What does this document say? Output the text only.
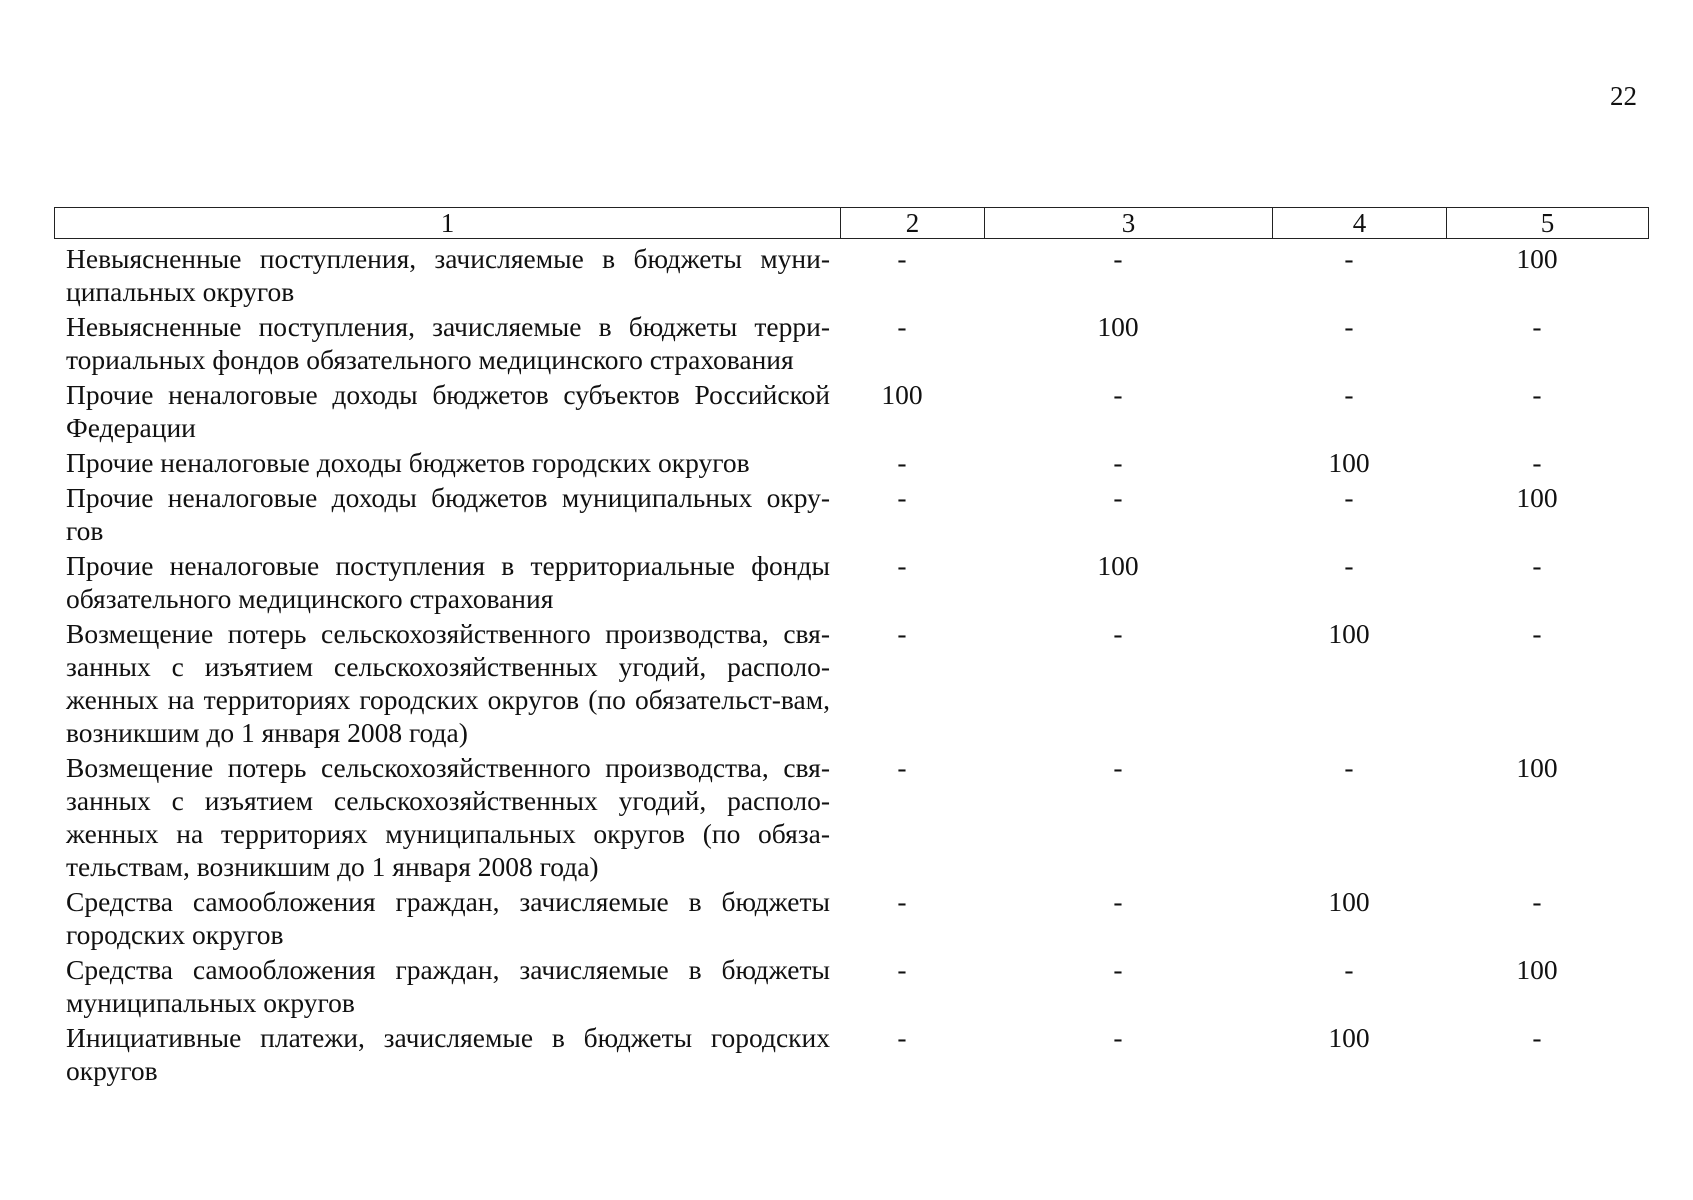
22
1	2	3	4	5
Невыясненные поступления, зачисляемые в бюджеты муни-ципальных округов
-	-	-	100
Невыясненные поступления, зачисляемые в бюджеты терри-ториальных фондов обязательного медицинского страхования
-	100	-	-
Прочие неналоговые доходы бюджетов субъектов Российской Федерации
100	-	-	-
Прочие неналоговые доходы бюджетов городских округов	-	-	100	-
Прочие неналоговые доходы бюджетов муниципальных окру-гов
-	-	-	100
Прочие неналоговые поступления в территориальные фонды обязательного медицинского страхования
-	100	-	-
Возмещение потерь сельскохозяйственного производства, свя-занных с изъятием сельскохозяйственных угодий, располо-женных на территориях городских округов (по обязательст-вам, возникшим до 1 января 2008 года)
-	-	100	-
Возмещение потерь сельскохозяйственного производства, свя-занных с изъятием сельскохозяйственных угодий, располо-женных на территориях муниципальных округов (по обяза-тельствам, возникшим до 1 января 2008 года)
-	-	-	100
Средства самообложения граждан, зачисляемые в бюджеты городских округов
-	-	100	-
Средства самообложения граждан, зачисляемые в бюджеты муниципальных округов
-	-	-	100
Инициативные платежи, зачисляемые в бюджеты городских округов
-	-	100	-
